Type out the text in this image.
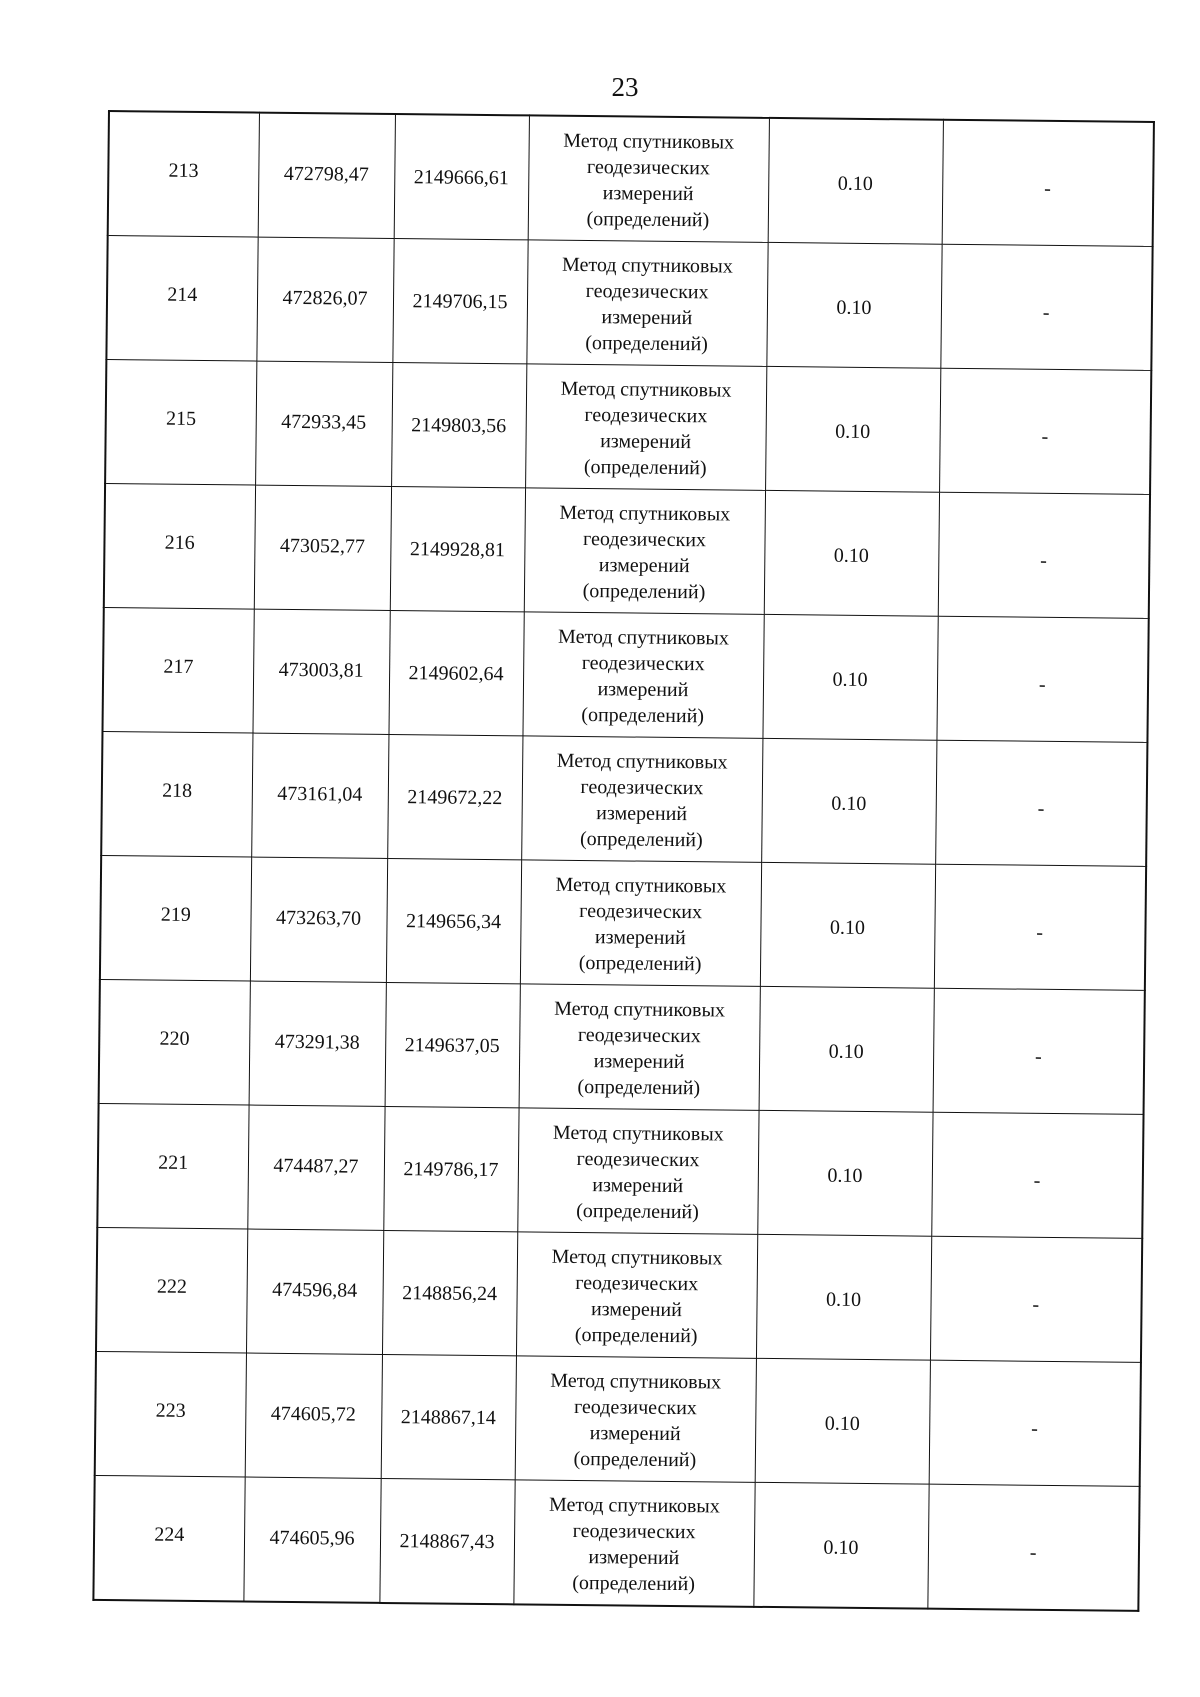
23
213	472798,47	2149666,61	Метод спутниковых
геодезических
измерений
(определений)	0.10	-
214	472826,07	2149706,15	Метод спутниковых
геодезических
измерений
(определений)	0.10	-
215	472933,45	2149803,56	Метод спутниковых
геодезических
измерений
(определений)	0.10	-
216	473052,77	2149928,81	Метод спутниковых
геодезических
измерений
(определений)	0.10	-
217	473003,81	2149602,64	Метод спутниковых
геодезических
измерений
(определений)	0.10	-
218	473161,04	2149672,22	Метод спутниковых
геодезических
измерений
(определений)	0.10	-
219	473263,70	2149656,34	Метод спутниковых
геодезических
измерений
(определений)	0.10	-
220	473291,38	2149637,05	Метод спутниковых
геодезических
измерений
(определений)	0.10	-
221	474487,27	2149786,17	Метод спутниковых
геодезических
измерений
(определений)	0.10	-
222	474596,84	2148856,24	Метод спутниковых
геодезических
измерений
(определений)	0.10	-
223	474605,72	2148867,14	Метод спутниковых
геодезических
измерений
(определений)	0.10	-
224	474605,96	2148867,43	Метод спутниковых
геодезических
измерений
(определений)	0.10	-
